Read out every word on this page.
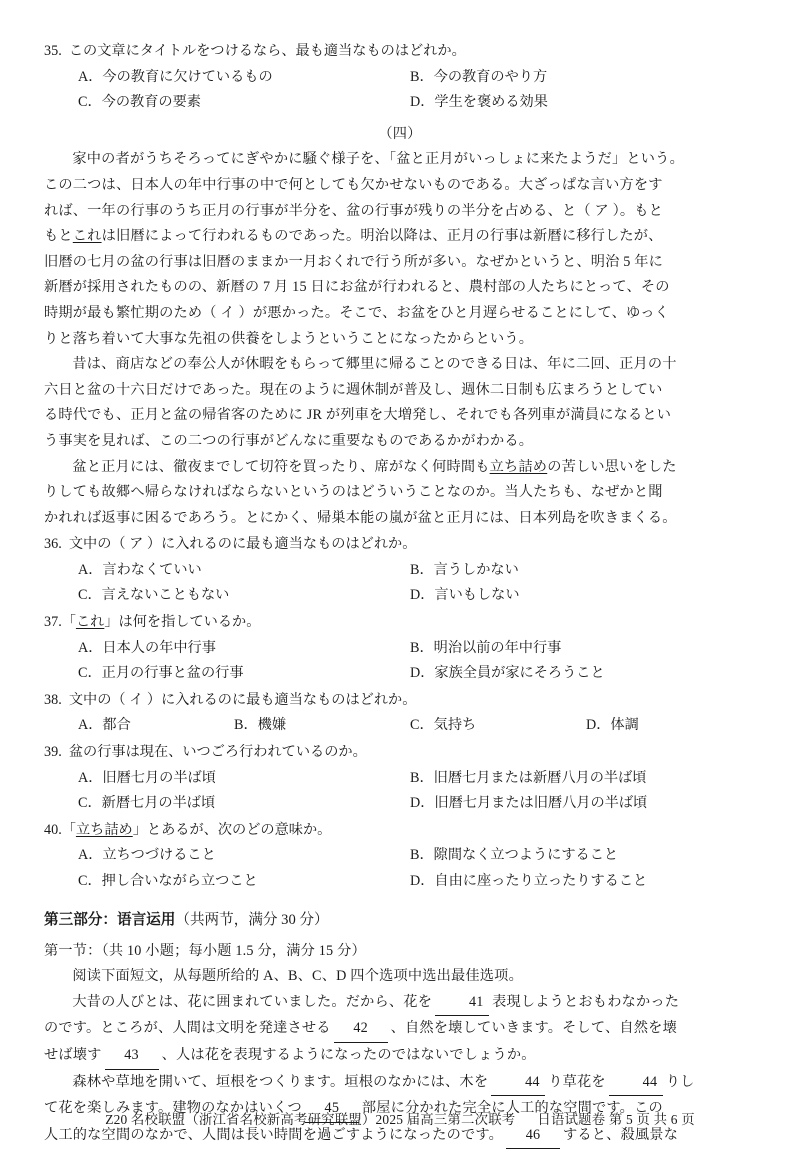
35.  この文章にタイトルをつけるなら、最も適当なものはどれか。
A．今の教育に欠けているもの	B．今の教育のやり方
C．今の教育の要素	D．学生を褒める効果
（四）
家中の者がうちそろってにぎやかに騒ぐ様子を、「盆と正月がいっしょに来たようだ」という。
この二つは、日本人の年中行事の中で何としても欠かせないものである。大ざっぱな言い方をす
れば、一年の行事のうち正月の行事が半分を、盆の行事が残りの半分を占める、と（ ア ）。もと
もとこれは旧暦によって行われるものであった。明治以降は、正月の行事は新暦に移行したが、
旧暦の七月の盆の行事は旧暦のままか一月おくれで行う所が多い。なぜかというと、明治 5 年に
新暦が採用されたものの、新暦の 7 月 15 日にお盆が行われると、農村部の人たちにとって、その
時期が最も繁忙期のため（ イ ）が悪かった。そこで、お盆をひと月遅らせることにして、ゆっく
りと落ち着いて大事な先祖の供養をしようということになったからという。
昔は、商店などの奉公人が休暇をもらって郷里に帰ることのできる日は、年に二回、正月の十
六日と盆の十六日だけであった。現在のように週休制が普及し、週休二日制も広まろうとしてい
る時代でも、正月と盆の帰省客のために JR が列車を大増発し、それでも各列車が満員になるとい
う事実を見れば、この二つの行事がどんなに重要なものであるかがわかる。
盆と正月には、徹夜までして切符を買ったり、席がなく何時間も立ち詰めの苦しい思いをした
りしても故郷へ帰らなければならないというのはどういうことなのか。当人たちも、なぜかと聞
かれれば返事に困るであろう。とにかく、帰巣本能の嵐が盆と正月には、日本列島を吹きまくる。
36.  文中の（ ア ）に入れるのに最も適当なものはどれか。
A．言わなくていい	B．言うしかない
C．言えないこともない	D．言いもしない
37.「これ」は何を指しているか。
A．日本人の年中行事	B．明治以前の年中行事
C．正月の行事と盆の行事	D．家族全員が家にそろうこと
38.  文中の（ イ ）に入れるのに最も適当なものはどれか。
A．都合	B．機嫌	C．気持ち	D．体調
39.  盆の行事は現在、いつごろ行われているのか。
A．旧暦七月の半ば頃	B．旧暦七月または新暦八月の半ば頃
C．新暦七月の半ば頃	D．旧暦七月または旧暦八月の半ば頃
40.「立ち詰め」とあるが、次のどの意味か。
A．立ちつづけること	B．隙間なく立つようにすること
C．押し合いながら立つこと	D．自由に座ったり立ったりすること
第三部分：语言运用（共两节，满分 30 分）
第一节：（共 10 小题；每小题 1.5 分，满分 15 分）
阅读下面短文，从每题所给的 A、B、C、D 四个选项中选出最佳选项。
大昔の人びとは、花に囲まれていました。だから、花を	41 表現しようとおもわなかった
のです。ところが、人間は文明を発達させる 42 、自然を壊していきます。そして、自然を壊
せば壊す 43 、人は花を表現するようになったのではないでしょうか。
森林や草地を開いて、垣根をつくります。垣根のなかには、木を	44 り草花を	44 りし
て花を楽しみます。建物のなかはいくつ 45 部屋に分かれた完全に人工的な空間です。この
人工的な空間のなかで、人間は長い時間を過ごすようになったのです。 46 すると、殺風景な
Z20 名校联盟（浙江省名校新高考研究联盟）2025 届高三第二次联考 日语试题卷 第 5 页 共 6 页
